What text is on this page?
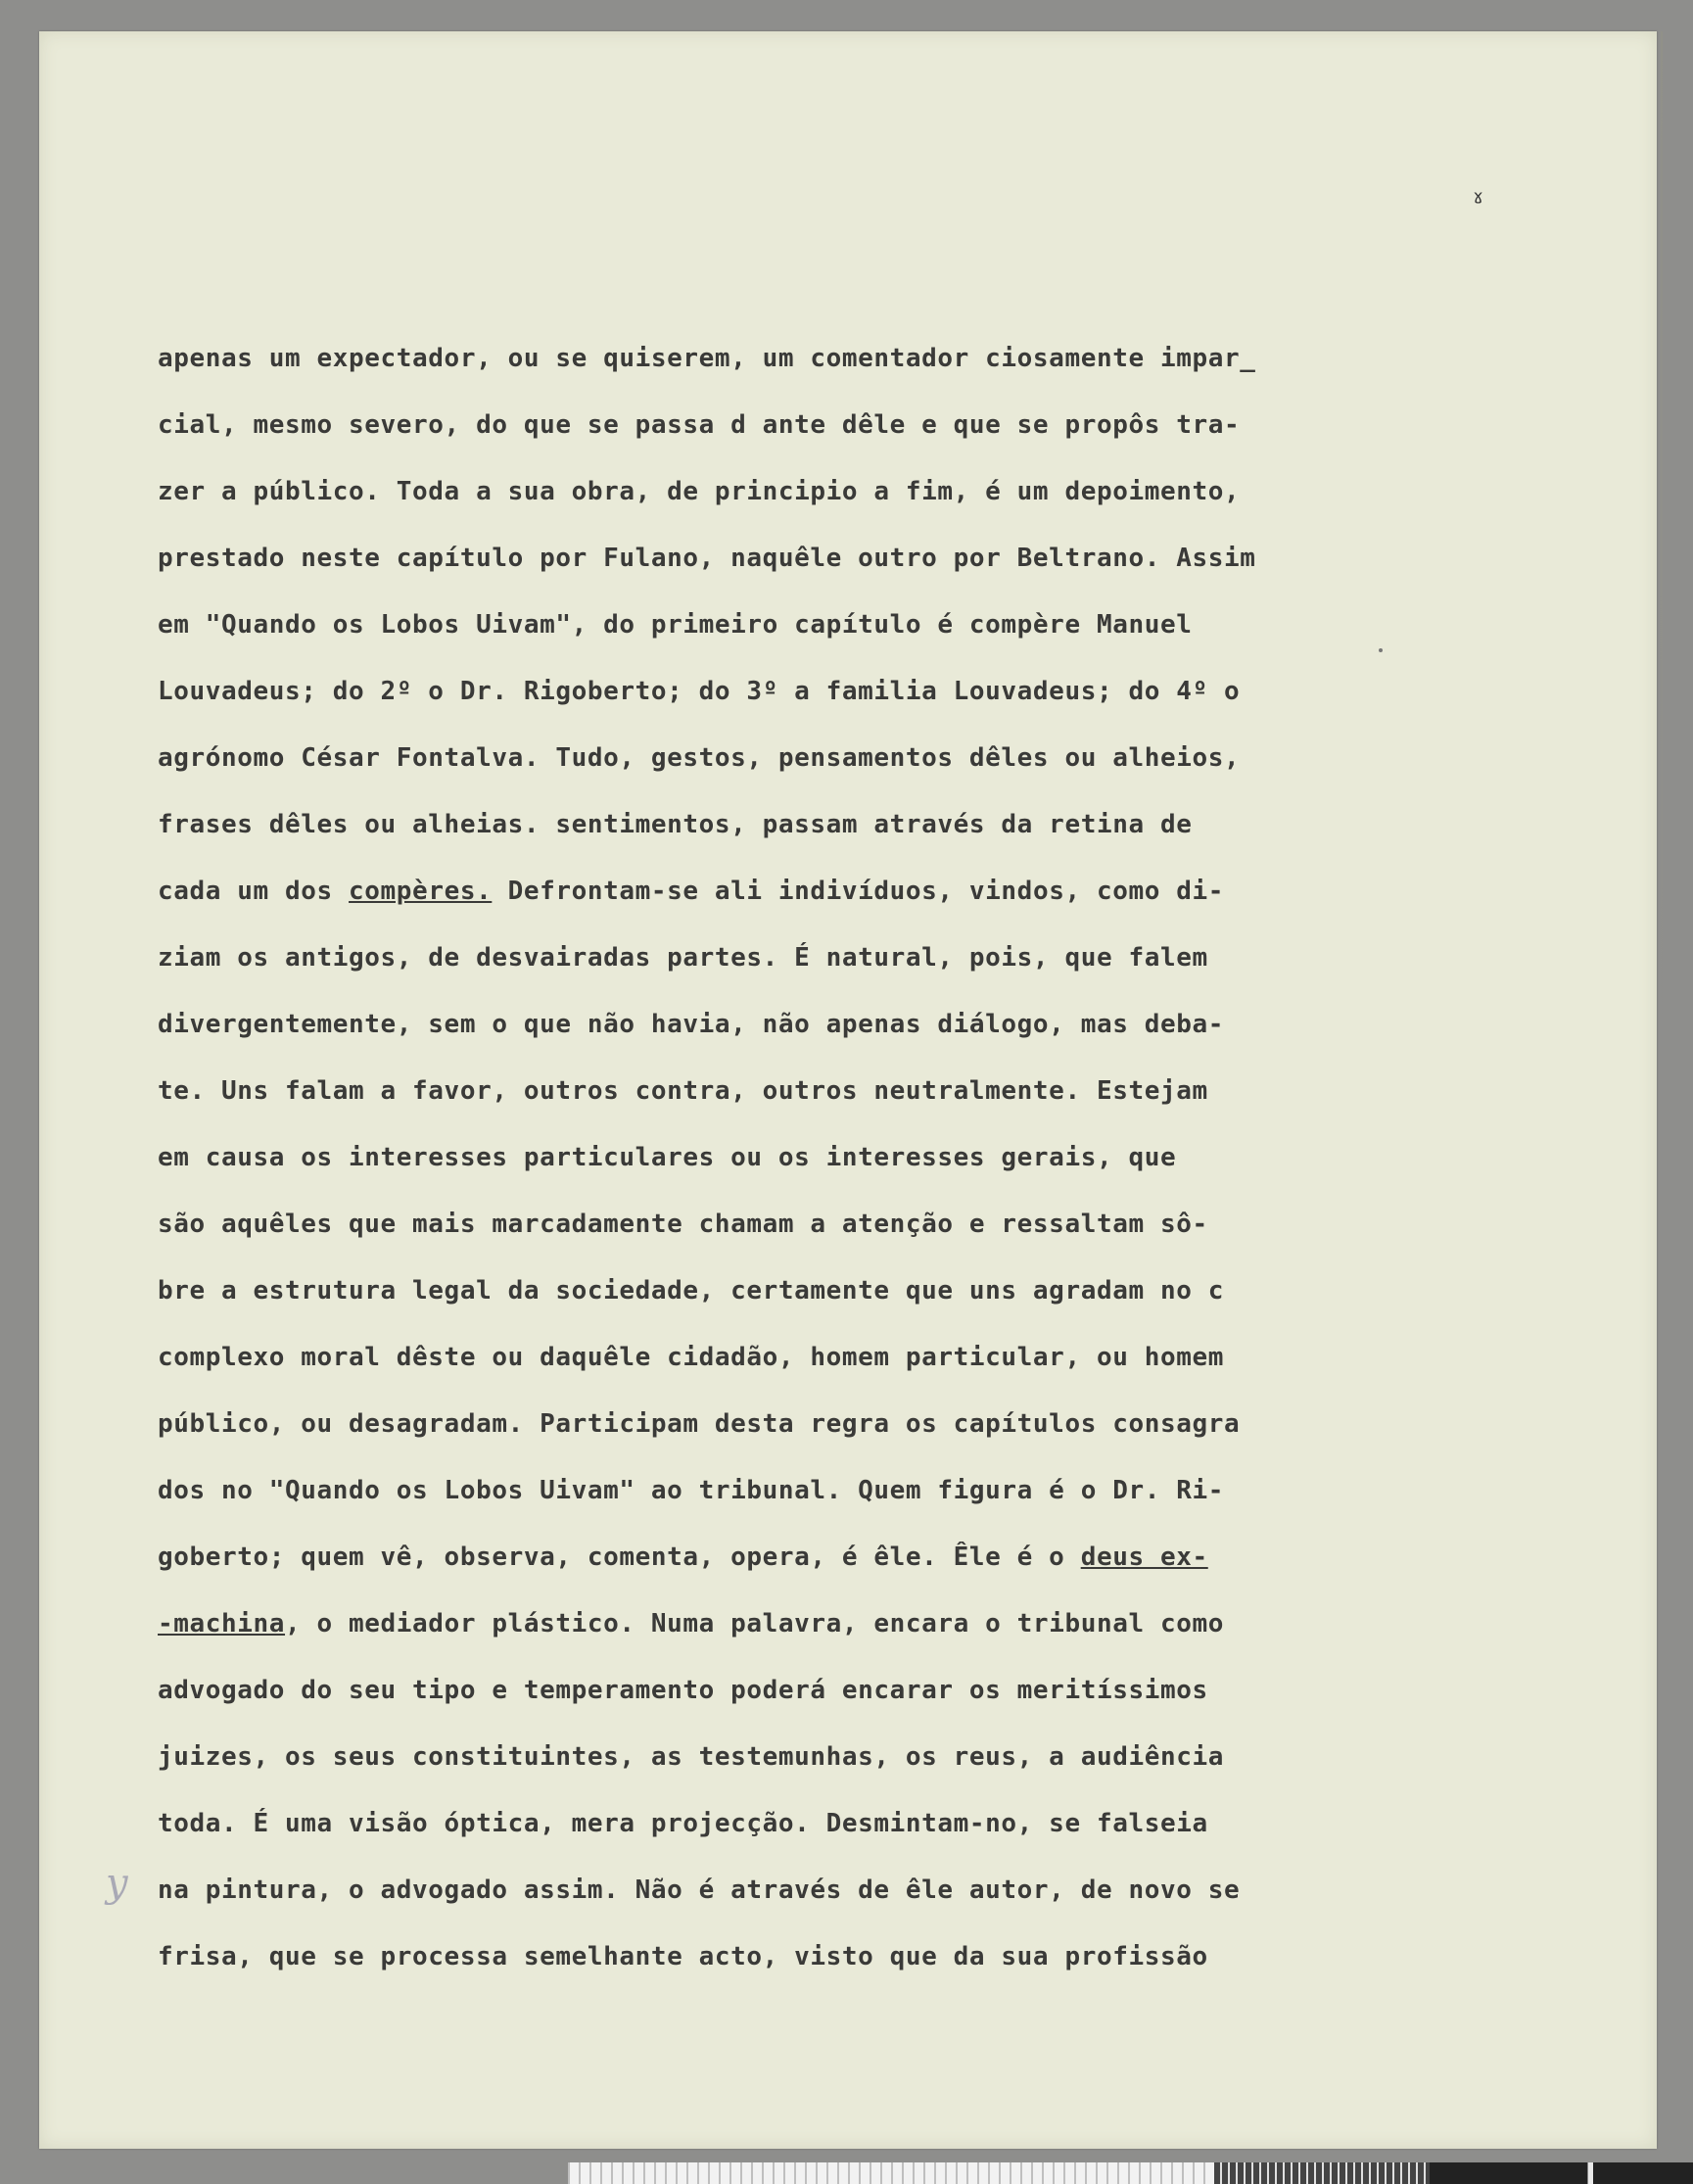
ˠ
y
apenas um expectador, ou se quiserem, um comentador ciosamente impar_
cial, mesmo severo, do que se passa d ante dêle e que se propôs tra-
zer a público. Toda a sua obra, de principio a fim, é um depoimento,
prestado neste capítulo por Fulano, naquêle outro por Beltrano. Assim
em "Quando os Lobos Uivam", do primeiro capítulo é compère Manuel
Louvadeus; do 2º o Dr. Rigoberto; do 3º a familia Louvadeus; do 4º o
agrónomo César Fontalva. Tudo, gestos, pensamentos dêles ou alheios,
frases dêles ou alheias. sentimentos, passam através da retina de
cada um dos compères. Defrontam-se ali indivíduos, vindos, como di-
ziam os antigos, de desvairadas partes. É natural, pois, que falem
divergentemente, sem o que não havia, não apenas diálogo, mas deba-
te. Uns falam a favor, outros contra, outros neutralmente. Estejam
em causa os interesses particulares ou os interesses gerais, que
são aquêles que mais marcadamente chamam a atenção e ressaltam sô-
bre a estrutura legal da sociedade, certamente que uns agradam no c
complexo moral dêste ou daquêle cidadão, homem particular, ou homem
público, ou desagradam. Participam desta regra os capítulos consagra
dos no "Quando os Lobos Uivam" ao tribunal. Quem figura é o Dr. Ri-
goberto; quem vê, observa, comenta, opera, é êle. Êle é o deus ex-
-machina, o mediador plástico. Numa palavra, encara o tribunal como
advogado do seu tipo e temperamento poderá encarar os meritíssimos
juizes, os seus constituintes, as testemunhas, os reus, a audiência
toda. É uma visão óptica, mera projecção. Desmintam-no, se falseia
na pintura, o advogado assim. Não é através de êle autor, de novo se
frisa, que se processa semelhante acto, visto que da sua profissão
